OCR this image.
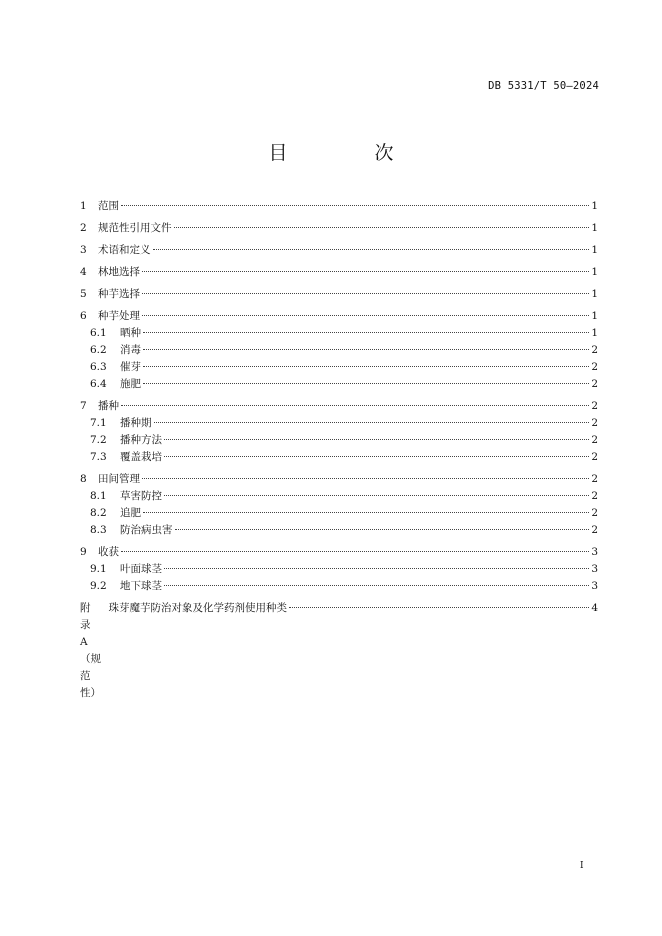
DB 5331/T 50—2024
目　次
1	范围	1
2	规范性引用文件	1
3	术语和定义	1
4	林地选择	1
5	种芋选择	1
6	种芋处理	1
6.1	晒种	1
6.2	消毒	2
6.3	催芽	2
6.4	施肥	2
7	播种	2
7.1	播种期	2
7.2	播种方法	2
7.3	覆盖栽培	2
8	田间管理	2
8.1	草害防控	2
8.2	追肥	2
8.3	防治病虫害	2
9	收获	3
9.1	叶面球茎	3
9.2	地下球茎	3
附录A（规范性）
　珠芽魔芋防治对象及化学药剂使用种类	4
I
